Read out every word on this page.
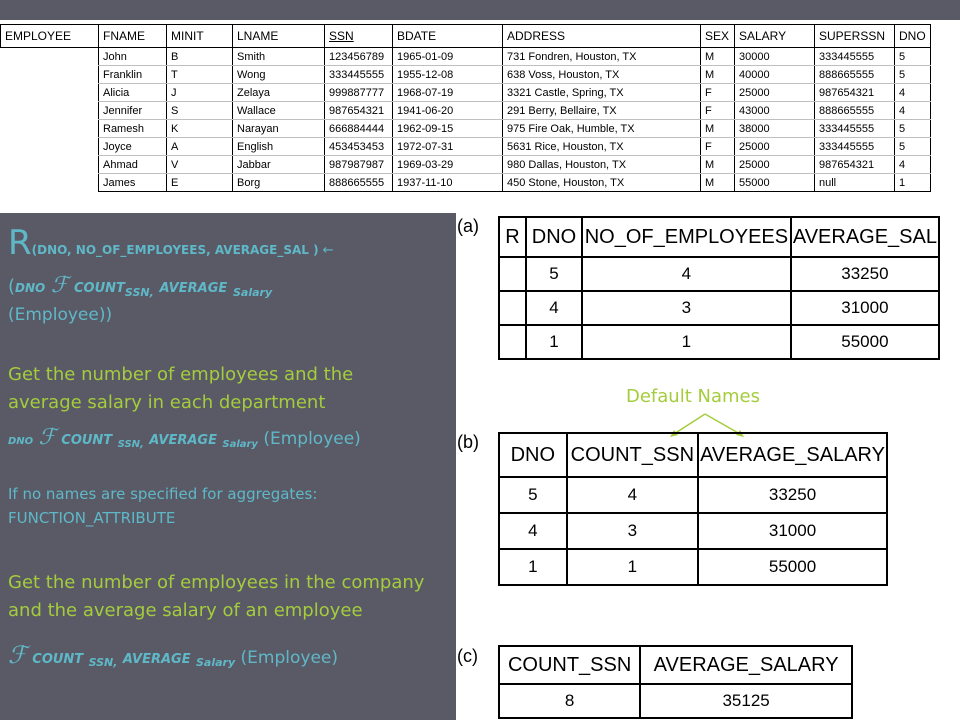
EMPLOYEE	FNAME	MINIT	LNAME	SSN	BDATE	ADDRESS	SEX	SALARY	SUPERSSN	DNO	
	John	B	Smith	123456789	1965-01-09	731 Fondren, Houston, TX	M	30000	333445555	5	
	Franklin	T	Wong	333445555	1955-12-08	638 Voss, Houston, TX	M	40000	888665555	5	
	Alicia	J	Zelaya	999887777	1968-07-19	3321 Castle, Spring, TX	F	25000	987654321	4	
	Jennifer	S	Wallace	987654321	1941-06-20	291 Berry, Bellaire, TX	F	43000	888665555	4	
	Ramesh	K	Narayan	666884444	1962-09-15	975 Fire Oak, Humble, TX	M	38000	333445555	5	
	Joyce	A	English	453453453	1972-07-31	5631 Rice, Houston, TX	F	25000	333445555	5	
	Ahmad	V	Jabbar	987987987	1969-03-29	980 Dallas, Houston, TX	M	25000	987654321	4	
	James	E	Borg	888665555	1937-11-10	450 Stone, Houston, TX	M	55000	null	1	
R(DNO, NO_OF_EMPLOYEES, AVERAGE_SAL ) ←
(DNO ℱ $COUNT_{SSN,}$ AVERAGE $_{Salary}$
(Employee))
Get the number of employees and the
average salary in each department
DNO ℱ COUNT SSN, AVERAGE Salary (Employee)
If no names are specified for aggregates:
FUNCTION_ATTRIBUTE
Get the number of employees in the company
and the average salary of an employee
ℱ COUNT SSN, AVERAGE Salary (Employee)
(a)
(b)
(c)
R	DNO	NO_OF_EMPLOYEES	AVERAGE_SAL
	5	4	33250
	4	3	31000
	1	1	55000
Default Names
DNO	COUNT_SSN	AVERAGE_SALARY
5	4	33250
4	3	31000
1	1	55000
COUNT_SSN	AVERAGE_SALARY
8	35125
